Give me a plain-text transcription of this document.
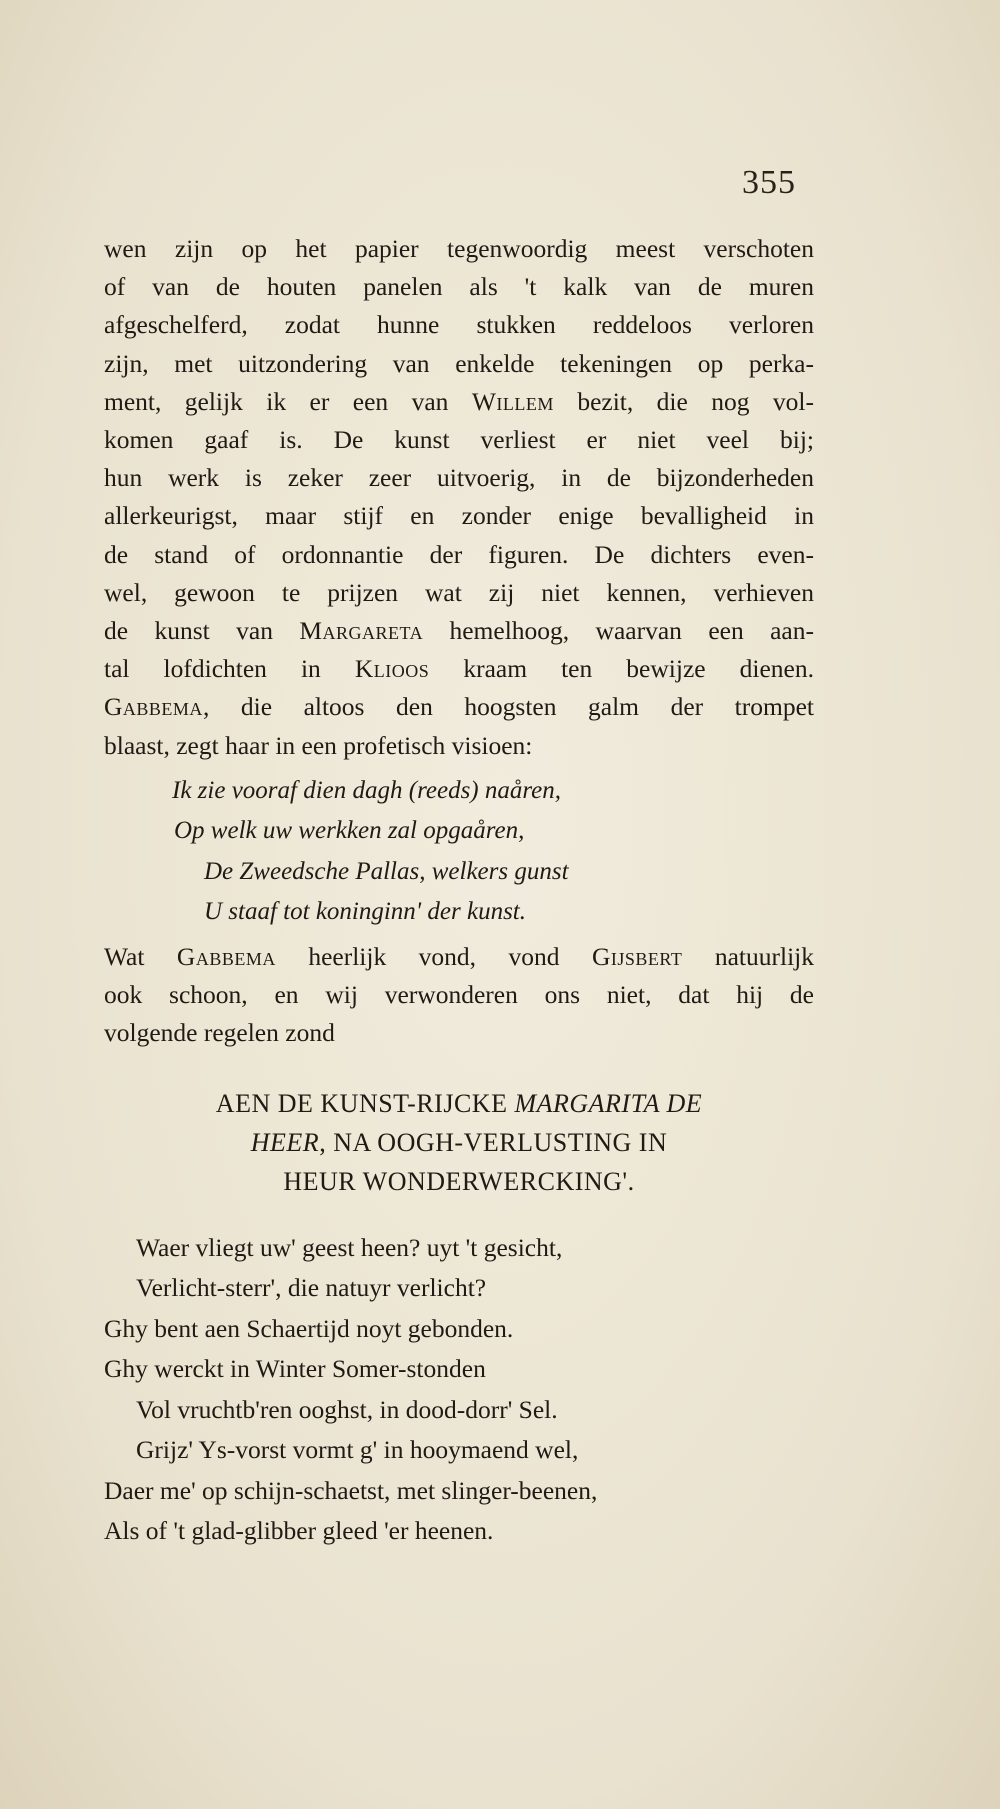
355
wen zijn op het papier tegenwoordig meest verschoten
of van de houten panelen als 't kalk van de muren
afgeschelferd, zodat hunne stukken reddeloos verloren
zijn, met uitzondering van enkelde tekeningen op perka-
ment, gelijk ik er een van Willem bezit, die nog vol-
komen gaaf is. De kunst verliest er niet veel bij;
hun werk is zeker zeer uitvoerig, in de bijzonderheden
allerkeurigst, maar stijf en zonder enige bevalligheid in
de stand of ordonnantie der figuren. De dichters even-
wel, gewoon te prijzen wat zij niet kennen, verhieven
de kunst van Margareta hemelhoog, waarvan een aan-
tal lofdichten in Klioos kraam ten bewijze dienen.
Gabbema, die altoos den hoogsten galm der trompet
blaast, zegt haar in een profetisch visioen:
Ik zie vooraf dien dagh (reeds) naåren,
Op welk uw werkken zal opgaåren,
De Zweedsche Pallas, welkers gunst
U staaf tot koninginn' der kunst.
Wat Gabbema heerlijk vond, vond Gijsbert natuurlijk
ook schoon, en wij verwonderen ons niet, dat hij de
volgende regelen zond
AEN DE KUNST-RIJCKE MARGARITA DE
HEER, NA OOGH-VERLUSTING IN
HEUR WONDERWERCKING'.
Waer vliegt uw' geest heen? uyt 't gesicht,
Verlicht-sterr', die natuyr verlicht?
Ghy bent aen Schaertijd noyt gebonden.
Ghy werckt in Winter Somer-stonden
Vol vruchtb'ren ooghst, in dood-dorr' Sel.
Grijz' Ys-vorst vormt g' in hooymaend wel,
Daer me' op schijn-schaetst, met slinger-beenen,
Als of 't glad-glibber gleed 'er heenen.
